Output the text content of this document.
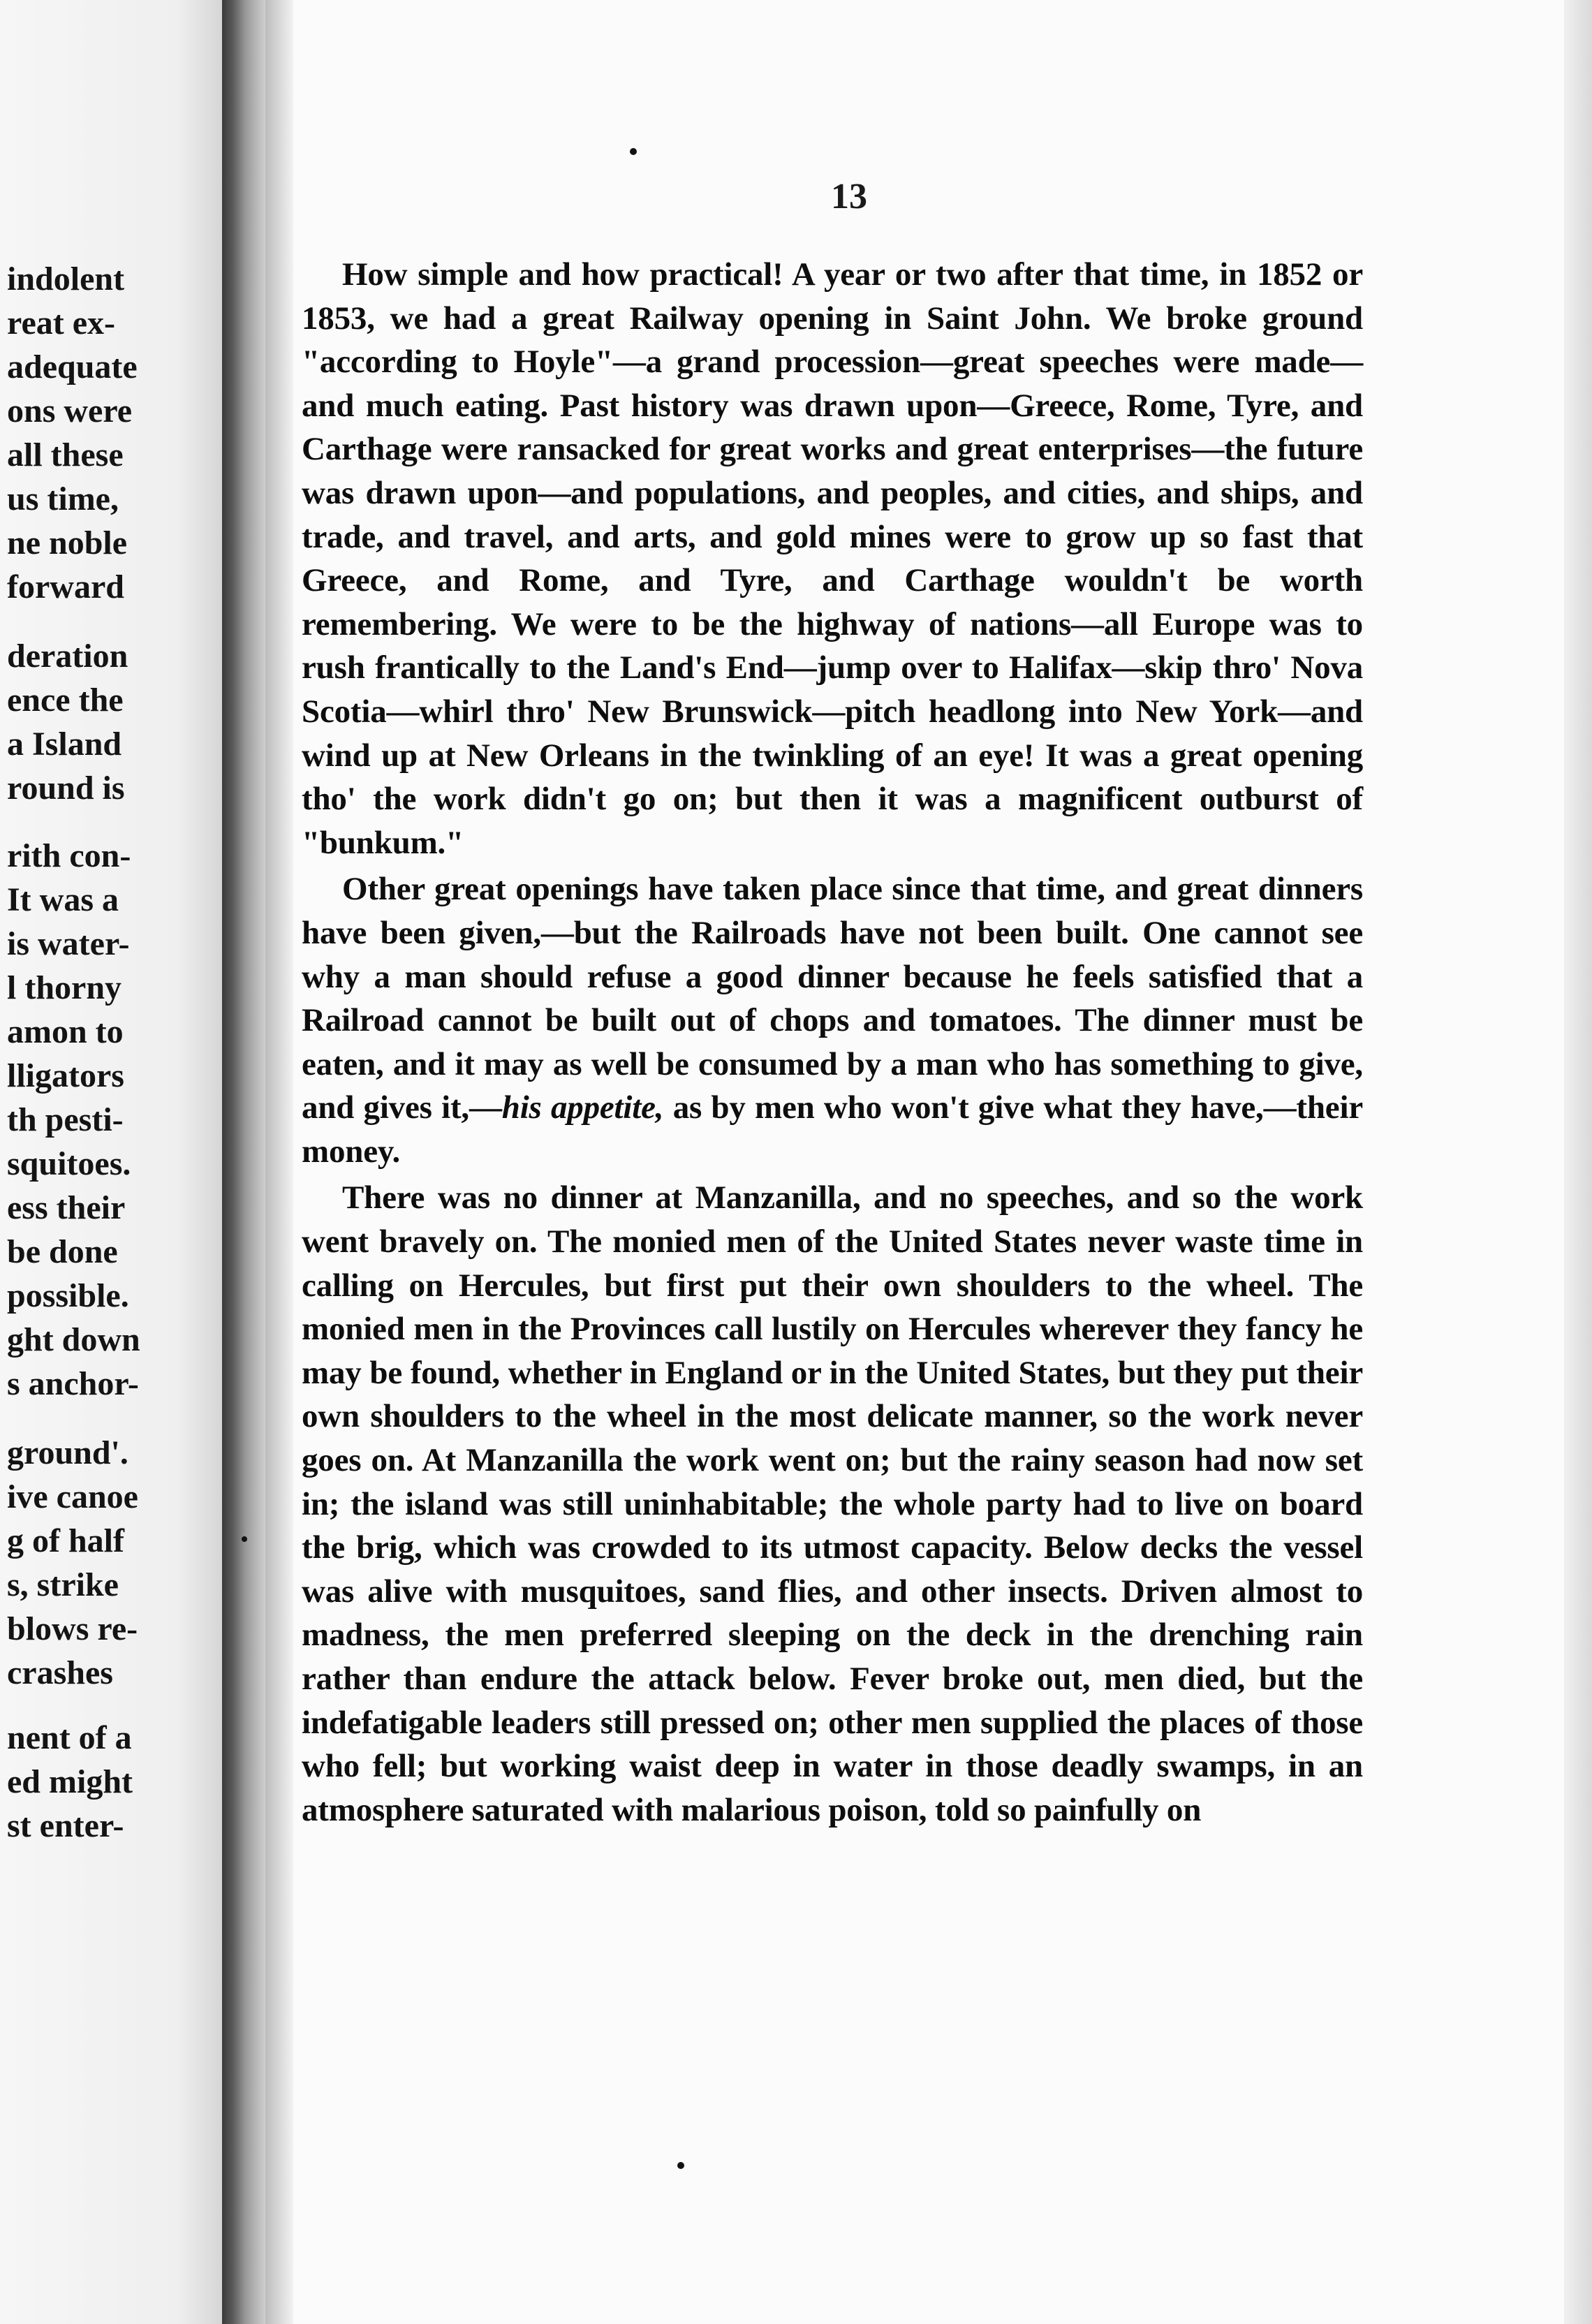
indolent
reat ex-
adequate
ons were
all these
us time,
ne noble
forward
deration
ence the
a Island
round is
rith con-
It was a
is water-
l thorny
amon to
lligators
th pesti-
squitoes.
ess their
be done
possible.
ght down
s anchor-
ground'.
ive canoe
g of half
s, strike
blows re-
crashes
nent of a
ed might
st enter-
13

How simple and how practical! A year or two after that time, in 1852 or 1853, we had a great Railway opening in Saint John. We broke ground "according to Hoyle"—a grand procession—great speeches were made—and much eating. Past history was drawn upon—Greece, Rome, Tyre, and Carthage were ransacked for great works and great enterprises—the future was drawn upon—and populations, and peoples, and cities, and ships, and trade, and travel, and arts, and gold mines were to grow up so fast that Greece, and Rome, and Tyre, and Carthage wouldn't be worth remembering. We were to be the highway of nations—all Europe was to rush frantically to the Land's End—jump over to Halifax—skip thro' Nova Scotia—whirl thro' New Brunswick—pitch headlong into New York—and wind up at New Orleans in the twinkling of an eye! It was a great opening tho' the work didn't go on; but then it was a magnificent outburst of "bunkum."

Other great openings have taken place since that time, and great dinners have been given,—but the Railroads have not been built. One cannot see why a man should refuse a good dinner because he feels satisfied that a Railroad cannot be built out of chops and tomatoes. The dinner must be eaten, and it may as well be consumed by a man who has something to give, and gives it,—his appetite, as by men who won't give what they have,—their money.

There was no dinner at Manzanilla, and no speeches, and so the work went bravely on. The monied men of the United States never waste time in calling on Hercules, but first put their own shoulders to the wheel. The monied men in the Provinces call lustily on Hercules wherever they fancy he may be found, whether in England or in the United States, but they put their own shoulders to the wheel in the most delicate manner, so the work never goes on. At Manzanilla the work went on; but the rainy season had now set in; the island was still uninhabitable; the whole party had to live on board the brig, which was crowded to its utmost capacity. Below decks the vessel was alive with musquitoes, sand flies, and other insects. Driven almost to madness, the men preferred sleeping on the deck in the drenching rain rather than endure the attack below. Fever broke out, men died, but the indefatigable leaders still pressed on; other men supplied the places of those who fell; but working waist deep in water in those deadly swamps, in an atmosphere saturated with malarious poison, told so painfully on
